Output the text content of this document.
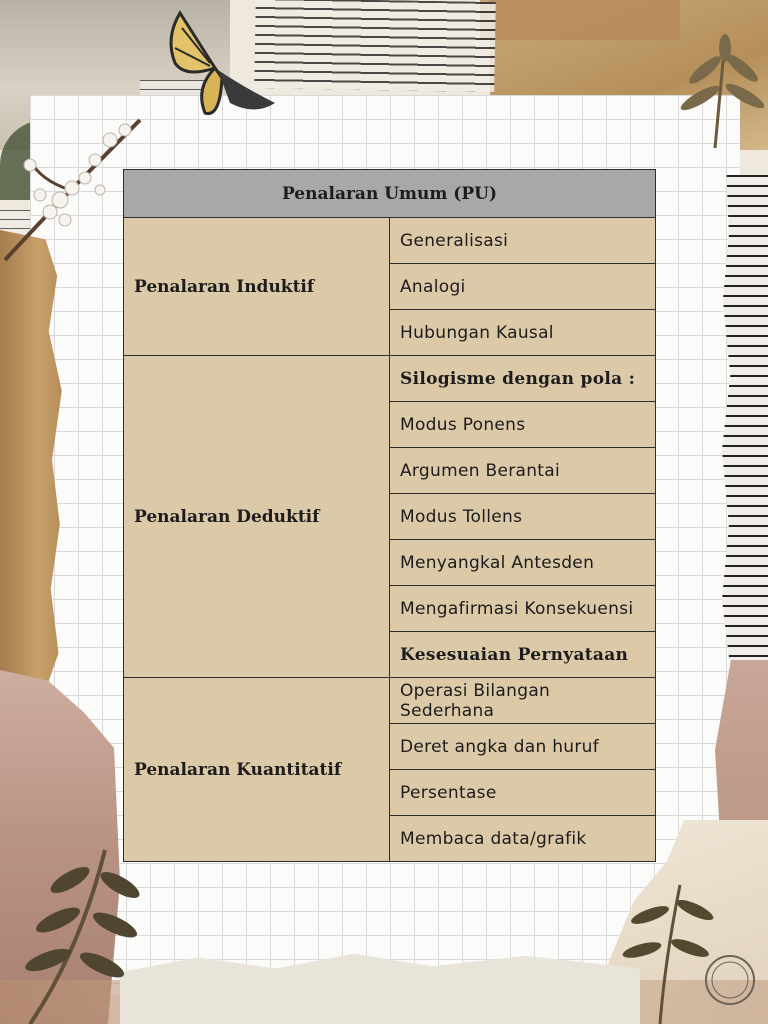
Penalaran Umum (PU)	
Penalaran Induktif	Generalisasi
	Analogi
	Hubungan Kausal
Penalaran Deduktif	Silogisme dengan pola :
	Modus Ponens
	Argumen Berantai
	Modus Tollens
	Menyangkal Antesden
	Mengafirmasi Konsekuensi
	Kesesuaian Pernyataan
Penalaran Kuantitatif	Operasi Bilangan Sederhana
	Deret angka dan huruf
	Persentase
	Membaca data/grafik
